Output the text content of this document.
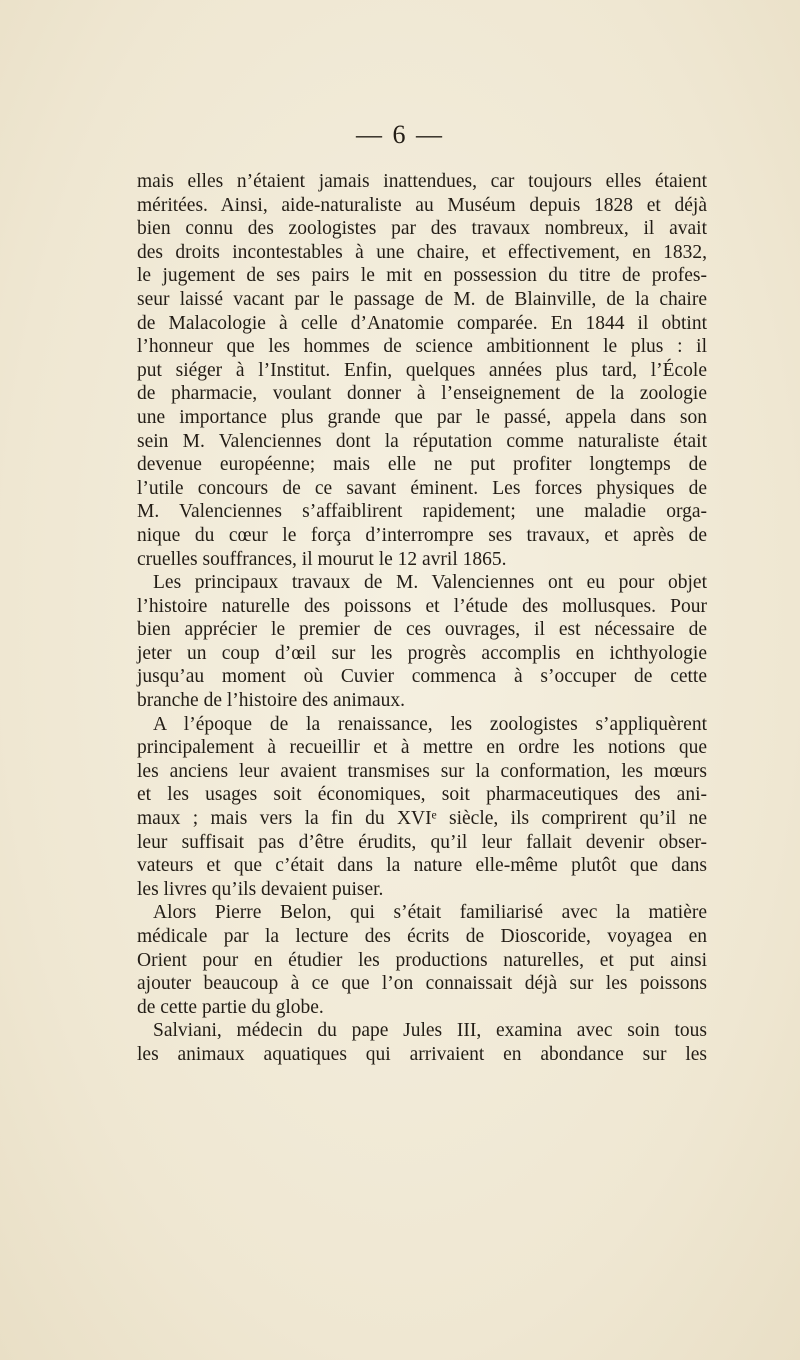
— 6 —
mais elles n’étaient jamais inattendues, car toujours elles étaient
méritées. Ainsi, aide-naturaliste au Muséum depuis 1828 et déjà
bien connu des zoologistes par des travaux nombreux, il avait
des droits incontestables à une chaire, et effectivement, en 1832,
le jugement de ses pairs le mit en possession du titre de profes-
seur laissé vacant par le passage de M. de Blainville, de la chaire
de Malacologie à celle d’Anatomie comparée. En 1844 il obtint
l’honneur que les hommes de science ambitionnent le plus : il
put siéger à l’Institut. Enfin, quelques années plus tard, l’École
de pharmacie, voulant donner à l’enseignement de la zoologie
une importance plus grande que par le passé, appela dans son
sein M. Valenciennes dont la réputation comme naturaliste était
devenue européenne; mais elle ne put profiter longtemps de
l’utile concours de ce savant éminent. Les forces physiques de
M. Valenciennes s’affaiblirent rapidement; une maladie orga-
nique du cœur le força d’interrompre ses travaux, et après de
cruelles souffrances, il mourut le 12 avril 1865.
Les principaux travaux de M. Valenciennes ont eu pour objet
l’histoire naturelle des poissons et l’étude des mollusques. Pour
bien apprécier le premier de ces ouvrages, il est nécessaire de
jeter un coup d’œil sur les progrès accomplis en ichthyologie
jusqu’au moment où Cuvier commenca à s’occuper de cette
branche de l’histoire des animaux.
A l’époque de la renaissance, les zoologistes s’appliquèrent
principalement à recueillir et à mettre en ordre les notions que
les anciens leur avaient transmises sur la conformation, les mœurs
et les usages soit économiques, soit pharmaceutiques des ani-
maux ; mais vers la fin du XVIᵉ siècle, ils comprirent qu’il ne
leur suffisait pas d’être érudits, qu’il leur fallait devenir obser-
vateurs et que c’était dans la nature elle-même plutôt que dans
les livres qu’ils devaient puiser.
Alors Pierre Belon, qui s’était familiarisé avec la matière
médicale par la lecture des écrits de Dioscoride, voyagea en
Orient pour en étudier les productions naturelles, et put ainsi
ajouter beaucoup à ce que l’on connaissait déjà sur les poissons
de cette partie du globe.
Salviani, médecin du pape Jules III, examina avec soin tous
les animaux aquatiques qui arrivaient en abondance sur les
